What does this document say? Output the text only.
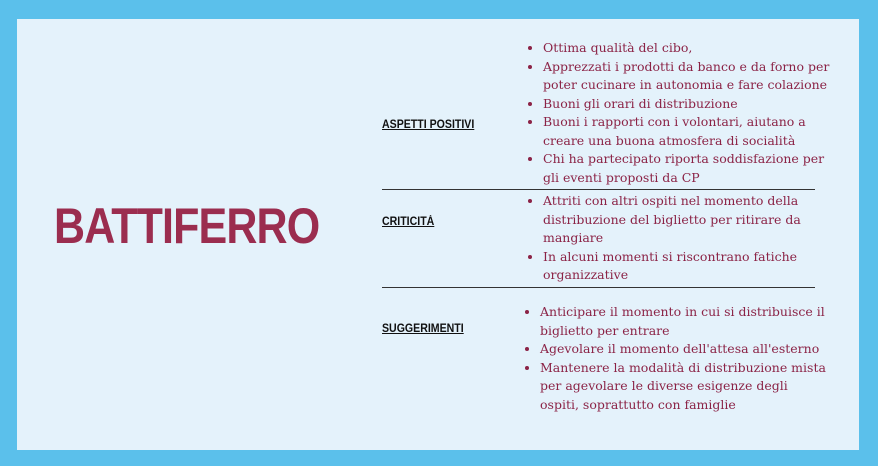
BATTIFERRO
ASPETTI POSITIVI
• Ottima qualità del cibo,
• Apprezzati i prodotti da banco e da forno per poter cucinare in autonomia e fare colazione
• Buoni gli orari di distribuzione
• Buoni i rapporti con i volontari, aiutano a creare una buona atmosfera di socialità
• Chi ha partecipato riporta soddisfazione per gli eventi proposti da CP
CRITICITÀ
• Attriti con altri ospiti nel momento della distribuzione del biglietto per ritirare da mangiare
• In alcuni momenti si riscontrano fatiche organizzative
SUGGERIMENTI
• Anticipare il momento in cui si distribuisce il biglietto per entrare
• Agevolare il momento dell'attesa all'esterno
• Mantenere la modalità di distribuzione mista per agevolare le diverse esigenze degli ospiti, soprattutto con famiglie
